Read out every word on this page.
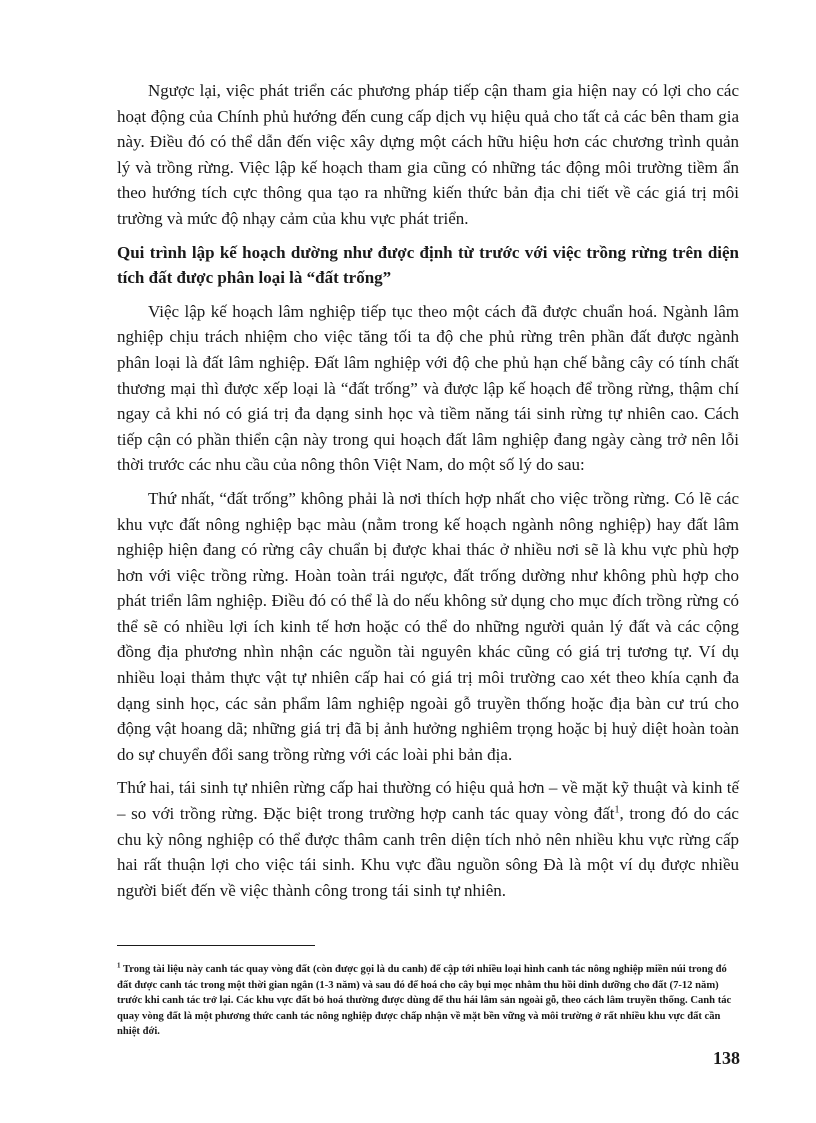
Ngược lại, việc phát triển các phương pháp tiếp cận tham gia hiện nay có lợi cho các hoạt động của Chính phủ hướng đến cung cấp dịch vụ hiệu quả cho tất cả các bên tham gia này. Điều đó có thể dẫn đến việc xây dựng một cách hữu hiệu hơn các chương trình quản lý và trồng rừng. Việc lập kế hoạch tham gia cũng có những tác động môi trường tiềm ẩn theo hướng tích cực thông qua tạo ra những kiến thức bản địa chi tiết về các giá trị môi trường và mức độ nhạy cảm của khu vực phát triển.

Qui trình lập kế hoạch dường như được định từ trước với việc trồng rừng trên diện tích đất được phân loại là “đất trống”

Việc lập kế hoạch lâm nghiệp tiếp tục theo một cách đã được chuẩn hoá. Ngành lâm nghiệp chịu trách nhiệm cho việc tăng tối ta độ che phủ rừng trên phần đất được ngành phân loại là đất lâm nghiệp. Đất lâm nghiệp với độ che phủ hạn chế bằng cây có tính chất thương mại thì được xếp loại là “đất trống” và được lập kế hoạch để trồng rừng, thậm chí ngay cả khi nó có giá trị đa dạng sinh học và tiềm năng tái sinh rừng tự nhiên cao. Cách tiếp cận có phần thiển cận này trong qui hoạch đất lâm nghiệp đang ngày càng trở nên lỗi thời trước các nhu cầu của nông thôn Việt Nam, do một số lý do sau:

Thứ nhất, “đất trống” không phải là nơi thích hợp nhất cho việc trồng rừng. Có lẽ các khu vực đất nông nghiệp bạc màu (nằm trong kế hoạch ngành nông nghiệp) hay đất lâm nghiệp hiện đang có rừng cây chuẩn bị được khai thác ở nhiều nơi sẽ là khu vực phù hợp hơn với việc trồng rừng. Hoàn toàn trái ngược, đất trống dường như không phù hợp cho phát triển lâm nghiệp. Điều đó có thể là do nếu không sử dụng cho mục đích trồng rừng có thể sẽ có nhiều lợi ích kinh tế hơn hoặc có thể do những người quản lý đất và các cộng đồng địa phương nhìn nhận các nguồn tài nguyên khác cũng có giá trị tương tự. Ví dụ nhiều loại thảm thực vật tự nhiên cấp hai có giá trị môi trường cao xét theo khía cạnh đa dạng sinh học, các sản phẩm lâm nghiệp ngoài gỗ truyền thống hoặc địa bàn cư trú cho động vật hoang dã; những giá trị đã bị ảnh hưởng nghiêm trọng hoặc bị huỷ diệt hoàn toàn do sự chuyển đổi sang trồng rừng với các loài phi bản địa.

Thứ hai, tái sinh tự nhiên rừng cấp hai thường có hiệu quả hơn – về mặt kỹ thuật và kinh tế – so với trồng rừng. Đặc biệt trong trường hợp canh tác quay vòng đất$^1$, trong đó do các chu kỳ nông nghiệp có thể được thâm canh trên diện tích nhỏ nên nhiều khu vực rừng cấp hai rất thuận lợi cho việc tái sinh. Khu vực đầu nguồn sông Đà là một ví dụ được nhiều người biết đến về việc thành công trong tái sinh tự nhiên.

$^1$ Trong tài liệu này canh tác quay vòng đất (còn được gọi là du canh) để cập tới nhiều loại hình canh tác nông nghiệp miền núi trong đó đất được canh tác trong một thời gian ngắn (1-3 năm) và sau đó để hoá cho cây bụi mọc nhằm thu hồi dinh dưỡng cho đất (7-12 năm) trước khi canh tác trở lại. Các khu vực đất bỏ hoá thường được dùng để thu hái lâm sản ngoài gỗ, theo cách lâm truyền thống. Canh tác quay vòng đất là một phương thức canh tác nông nghiệp được chấp nhận về mặt bền vững và môi trường ở rất nhiều khu vực đất cần nhiệt đới.
138
